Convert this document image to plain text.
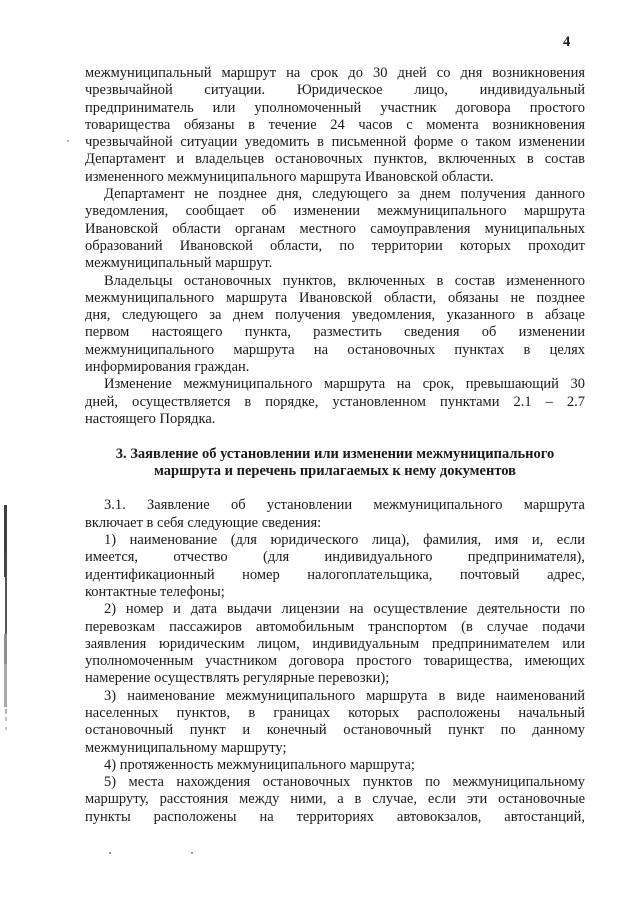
4
межмуниципальный маршрут на срок до 30 дней со дня возникновения
чрезвычайной ситуации. Юридическое лицо, индивидуальный
предприниматель или уполномоченный участник договора простого
товарищества обязаны в течение 24 часов с момента возникновения
чрезвычайной ситуации уведомить в письменной форме о таком изменении
Департамент и владельцев остановочных пунктов, включенных в состав
измененного межмуниципального маршрута Ивановской области.
Департамент не позднее дня, следующего за днем получения данного
уведомления, сообщает об изменении межмуниципального маршрута
Ивановской области органам местного самоуправления муниципальных
образований Ивановской области, по территории которых проходит
межмуниципальный маршрут.
Владельцы остановочных пунктов, включенных в состав измененного
межмуниципального маршрута Ивановской области, обязаны не позднее
дня, следующего за днем получения уведомления, указанного в абзаце
первом настоящего пункта, разместить сведения об изменении
межмуниципального маршрута на остановочных пунктах в целях
информирования граждан.
Изменение межмуниципального маршрута на срок, превышающий 30
дней, осуществляется в порядке, установленном пунктами 2.1 – 2.7
настоящего Порядка.
3. Заявление об установлении или изменении межмуниципального
маршрута и перечень прилагаемых к нему документов
3.1. Заявление об установлении межмуниципального маршрута
включает в себя следующие сведения:
1) наименование (для юридического лица), фамилия, имя и, если
имеется, отчество (для индивидуального предпринимателя),
идентификационный номер налогоплательщика, почтовый адрес,
контактные телефоны;
2) номер и дата выдачи лицензии на осуществление деятельности по
перевозкам пассажиров автомобильным транспортом (в случае подачи
заявления юридическим лицом, индивидуальным предпринимателем или
уполномоченным участником договора простого товарищества, имеющих
намерение осуществлять регулярные перевозки);
3) наименование межмуниципального маршрута в виде наименований
населенных пунктов, в границах которых расположены начальный
остановочный пункт и конечный остановочный пункт по данному
межмуниципальному маршруту;
4) протяженность межмуниципального маршрута;
5) места нахождения остановочных пунктов по межмуниципальному
маршруту, расстояния между ними, а в случае, если эти остановочные
пункты расположены на территориях автовокзалов, автостанций,
